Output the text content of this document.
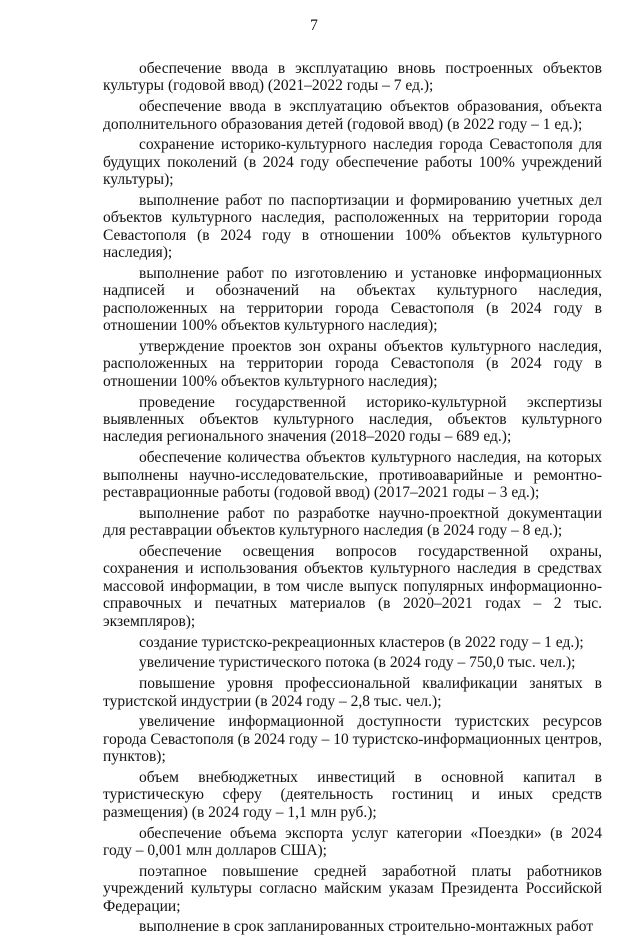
7

обеспечение ввода в эксплуатацию вновь построенных объектов культуры (годовой ввод) (2021–2022 годы – 7 ед.);

обеспечение ввода в эксплуатацию объектов образования, объекта дополнительного образования детей (годовой ввод) (в 2022 году – 1 ед.);

сохранение историко-культурного наследия города Севастополя для будущих поколений (в 2024 году обеспечение работы 100% учреждений культуры);

выполнение работ по паспортизации и формированию учетных дел объектов культурного наследия, расположенных на территории города Севастополя (в 2024 году в отношении 100% объектов культурного наследия);

выполнение работ по изготовлению и установке информационных надписей и обозначений на объектах культурного наследия, расположенных на территории города Севастополя (в 2024 году в отношении 100% объектов культурного наследия);

утверждение проектов зон охраны объектов культурного наследия, расположенных на территории города Севастополя (в 2024 году в отношении 100% объектов культурного наследия);

проведение государственной историко-культурной экспертизы выявленных объектов культурного наследия, объектов культурного наследия регионального значения (2018–2020 годы – 689 ед.);

обеспечение количества объектов культурного наследия, на которых выполнены научно-исследовательские, противоаварийные и ремонтно-реставрационные работы (годовой ввод) (2017–2021 годы – 3 ед.);

выполнение работ по разработке научно-проектной документации для реставрации объектов культурного наследия (в 2024 году – 8 ед.);

обеспечение освещения вопросов государственной охраны, сохранения и использования объектов культурного наследия в средствах массовой информации, в том числе выпуск популярных информационно-справочных и печатных материалов (в 2020–2021 годах – 2 тыс. экземпляров);

создание туристско-рекреационных кластеров (в 2022 году – 1 ед.);

увеличение туристического потока (в 2024 году – 750,0 тыс. чел.);

повышение уровня профессиональной квалификации занятых в туристской индустрии (в 2024 году – 2,8 тыс. чел.);

увеличение информационной доступности туристских ресурсов города Севастополя (в 2024 году – 10 туристско-информационных центров, пунктов);

объем внебюджетных инвестиций в основной капитал в туристическую сферу (деятельность гостиниц и иных средств размещения) (в 2024 году – 1,1 млн руб.);

обеспечение объема экспорта услуг категории «Поездки» (в 2024 году – 0,001 млн долларов США);

поэтапное повышение средней заработной платы работников учреждений культуры согласно майским указам Президента Российской Федерации;

выполнение в срок запланированных строительно-монтажных работ
